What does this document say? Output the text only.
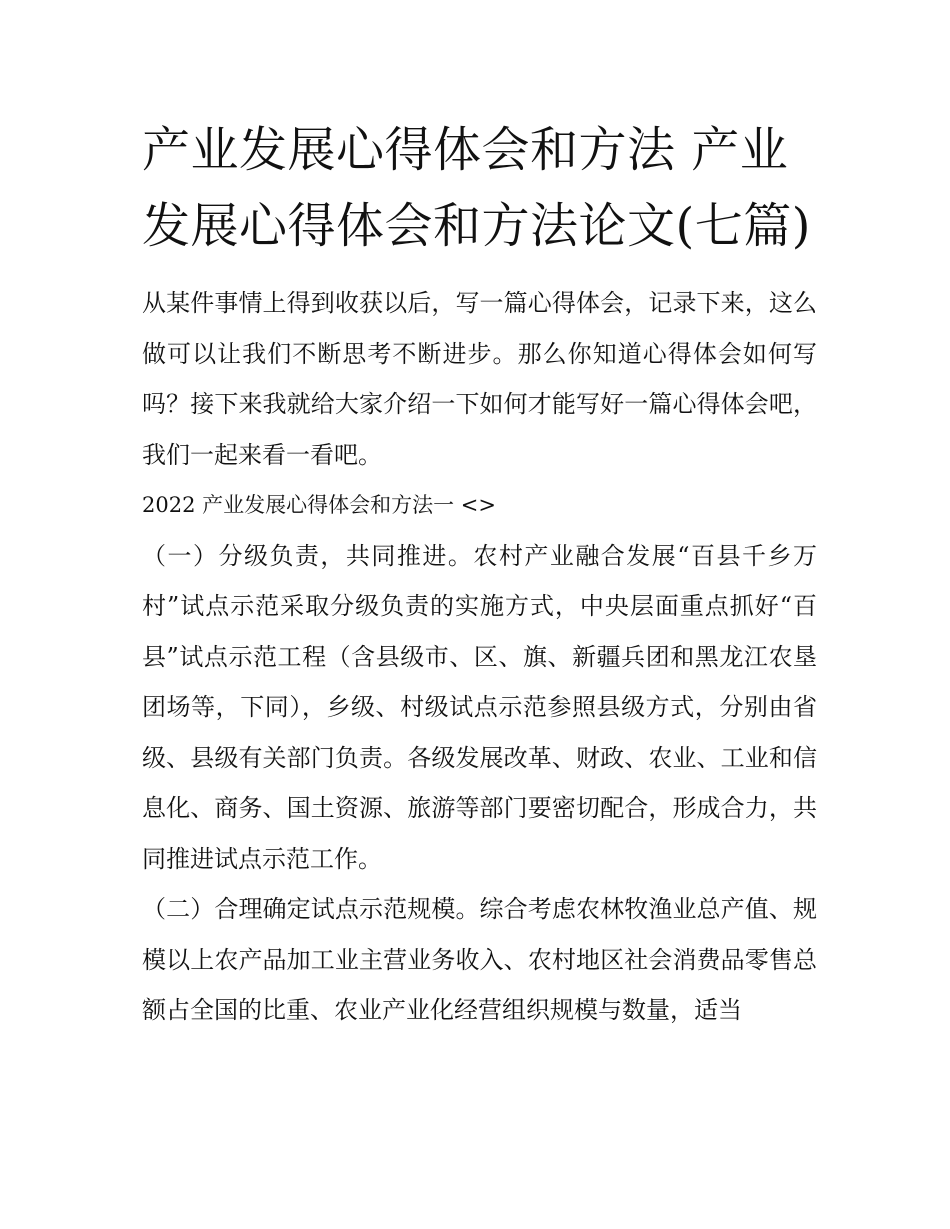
产业发展心得体会和方法 产业发展心得体会和方法论文(七篇)

从某件事情上得到收获以后，写一篇心得体会，记录下来，这么做可以让我们不断思考不断进步。那么你知道心得体会如何写吗？接下来我就给大家介绍一下如何才能写好一篇心得体会吧，我们一起来看一看吧。

2022 产业发展心得体会和方法一 <>

（一）分级负责，共同推进。农村产业融合发展“百县千乡万村”试点示范采取分级负责的实施方式，中央层面重点抓好“百县”试点示范工程（含县级市、区、旗、新疆兵团和黑龙江农垦团场等，下同），乡级、村级试点示范参照县级方式，分别由省级、县级有关部门负责。各级发展改革、财政、农业、工业和信息化、商务、国土资源、旅游等部门要密切配合，形成合力，共同推进试点示范工作。

（二）合理确定试点示范规模。综合考虑农林牧渔业总产值、规模以上农产品加工业主营业务收入、农村地区社会消费品零售总额占全国的比重、农业产业化经营组织规模与数量，适当
